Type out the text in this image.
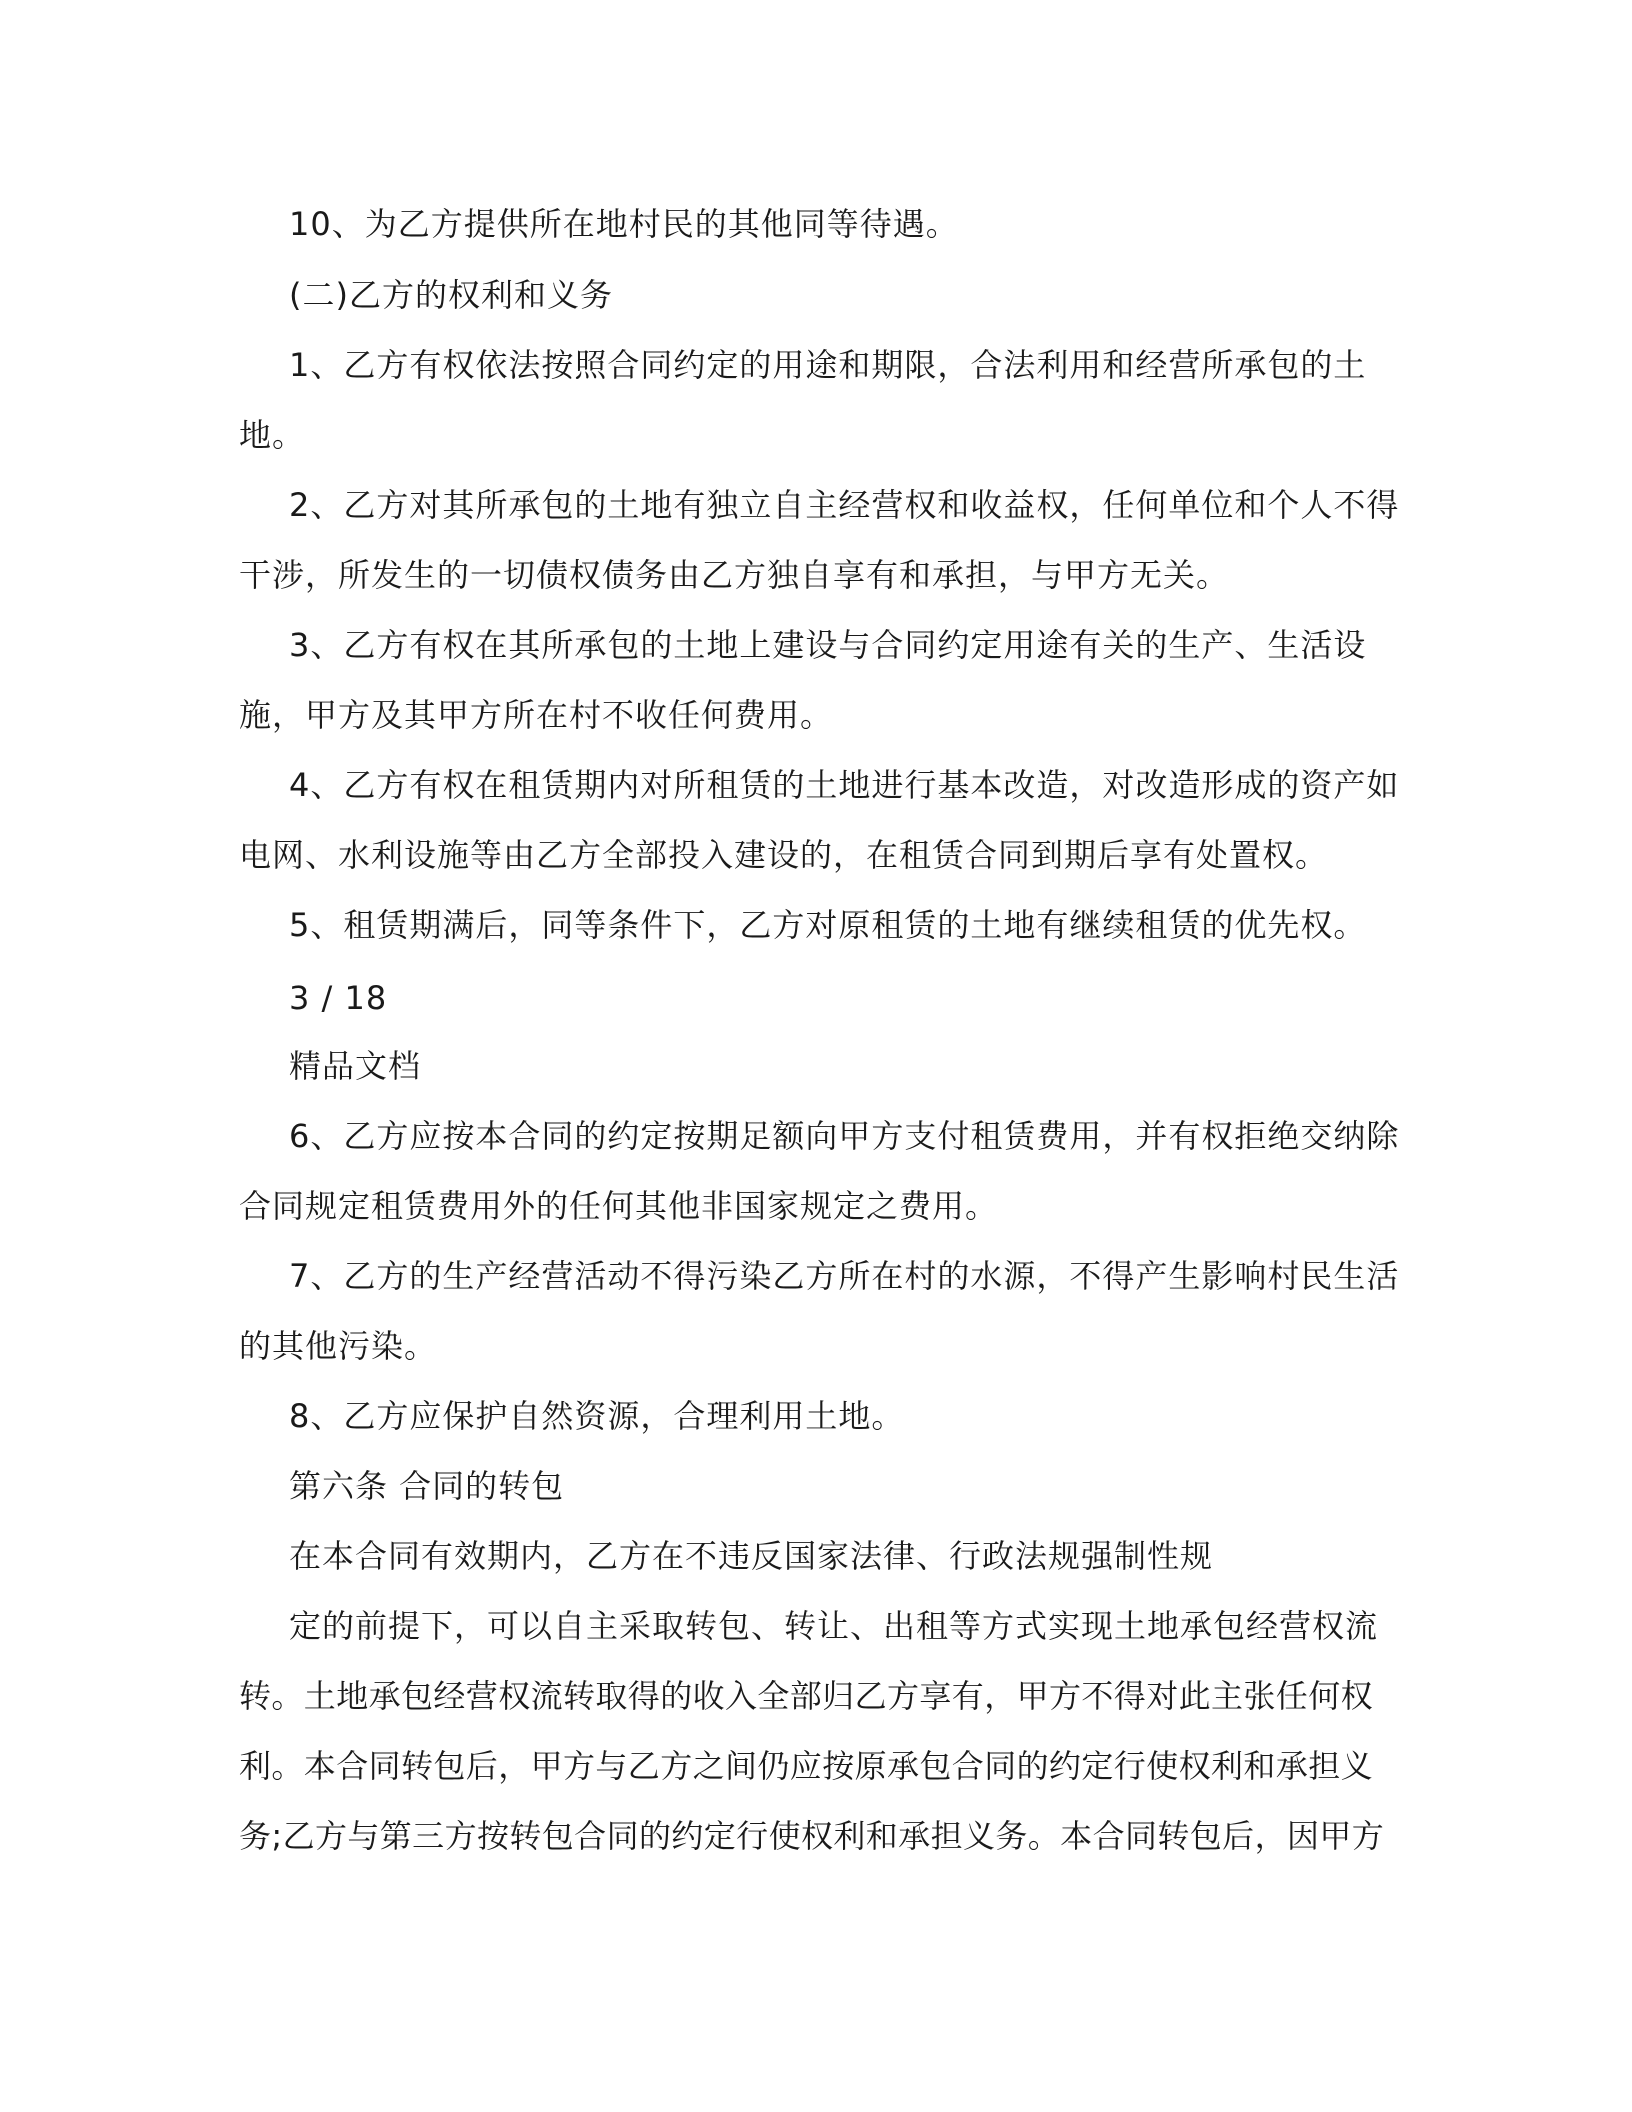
10、为乙方提供所在地村民的其他同等待遇。
(二)乙方的权利和义务
1、乙方有权依法按照合同约定的用途和期限，合法利用和经营所承包的土
地。
2、乙方对其所承包的土地有独立自主经营权和收益权，任何单位和个人不得
干涉，所发生的一切债权债务由乙方独自享有和承担，与甲方无关。
3、乙方有权在其所承包的土地上建设与合同约定用途有关的生产、生活设
施，甲方及其甲方所在村不收任何费用。
4、乙方有权在租赁期内对所租赁的土地进行基本改造，对改造形成的资产如
电网、水利设施等由乙方全部投入建设的，在租赁合同到期后享有处置权。
5、租赁期满后，同等条件下，乙方对原租赁的土地有继续租赁的优先权。
3 / 18
精品文档
6、乙方应按本合同的约定按期足额向甲方支付租赁费用，并有权拒绝交纳除
合同规定租赁费用外的任何其他非国家规定之费用。
7、乙方的生产经营活动不得污染乙方所在村的水源，不得产生影响村民生活
的其他污染。
8、乙方应保护自然资源，合理利用土地。
第六条 合同的转包
在本合同有效期内，乙方在不违反国家法律、行政法规强制性规
定的前提下，可以自主采取转包、转让、出租等方式实现土地承包经营权流
转。土地承包经营权流转取得的收入全部归乙方享有，甲方不得对此主张任何权
利。本合同转包后，甲方与乙方之间仍应按原承包合同的约定行使权利和承担义
务;乙方与第三方按转包合同的约定行使权利和承担义务。本合同转包后，因甲方
